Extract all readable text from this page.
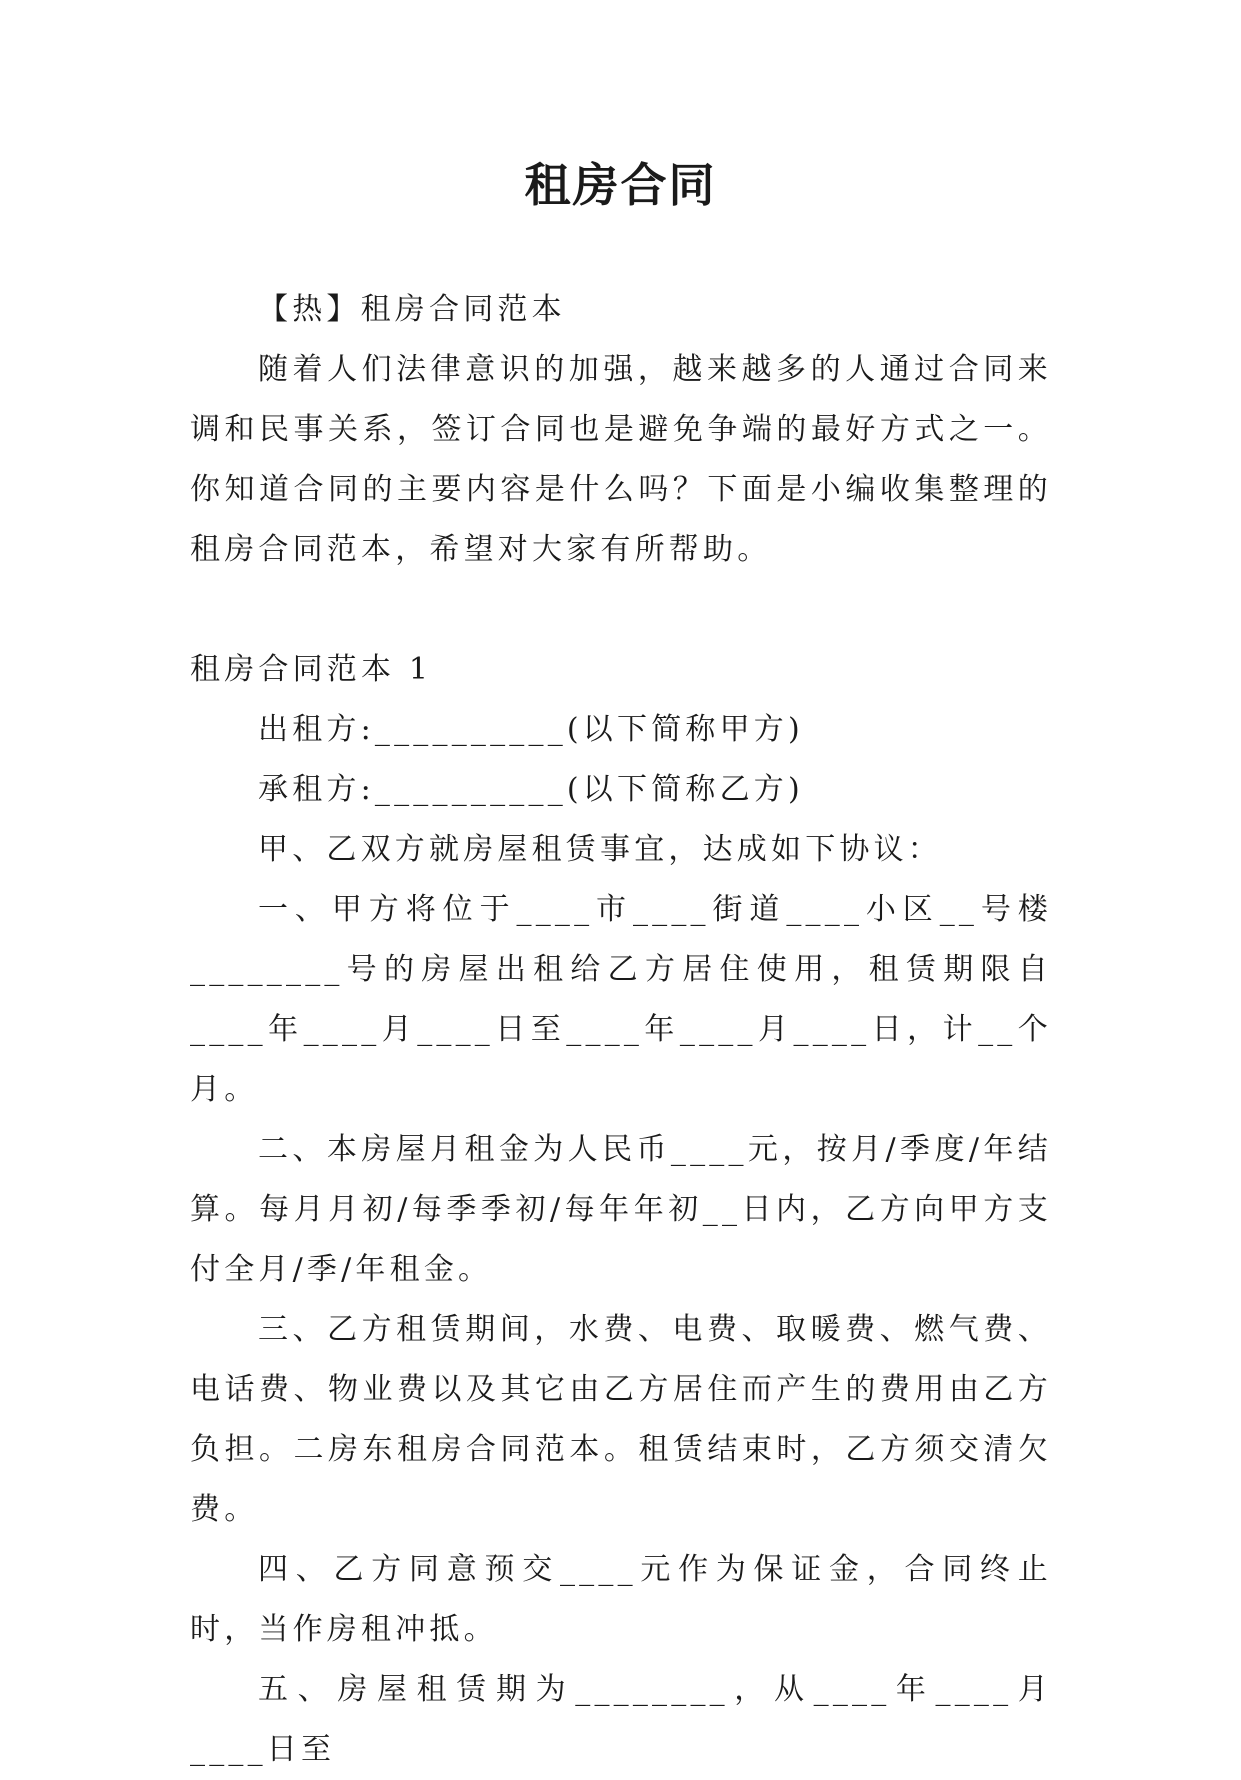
租房合同

【热】租房合同范本

随着人们法律意识的加强，越来越多的人通过合同来调和民事关系，签订合同也是避免争端的最好方式之一。你知道合同的主要内容是什么吗？下面是小编收集整理的租房合同范本，希望对大家有所帮助。

租房合同范本 1

出租方:__________(以下简称甲方)

承租方:__________(以下简称乙方)

甲、乙双方就房屋租赁事宜，达成如下协议：

一、甲方将位于____市____街道____小区__号楼________号的房屋出租给乙方居住使用，租赁期限自____年____月____日至____年____月____日，计__个月。

二、本房屋月租金为人民币____元，按月/季度/年结算。每月月初/每季季初/每年年初__日内，乙方向甲方支付全月/季/年租金。

三、乙方租赁期间，水费、电费、取暖费、燃气费、电话费、物业费以及其它由乙方居住而产生的费用由乙方负担。二房东租房合同范本。租赁结束时，乙方须交清欠费。

四、乙方同意预交____元作为保证金，合同终止时，当作房租冲抵。

五、房屋租赁期为________，从____年____月____日至
